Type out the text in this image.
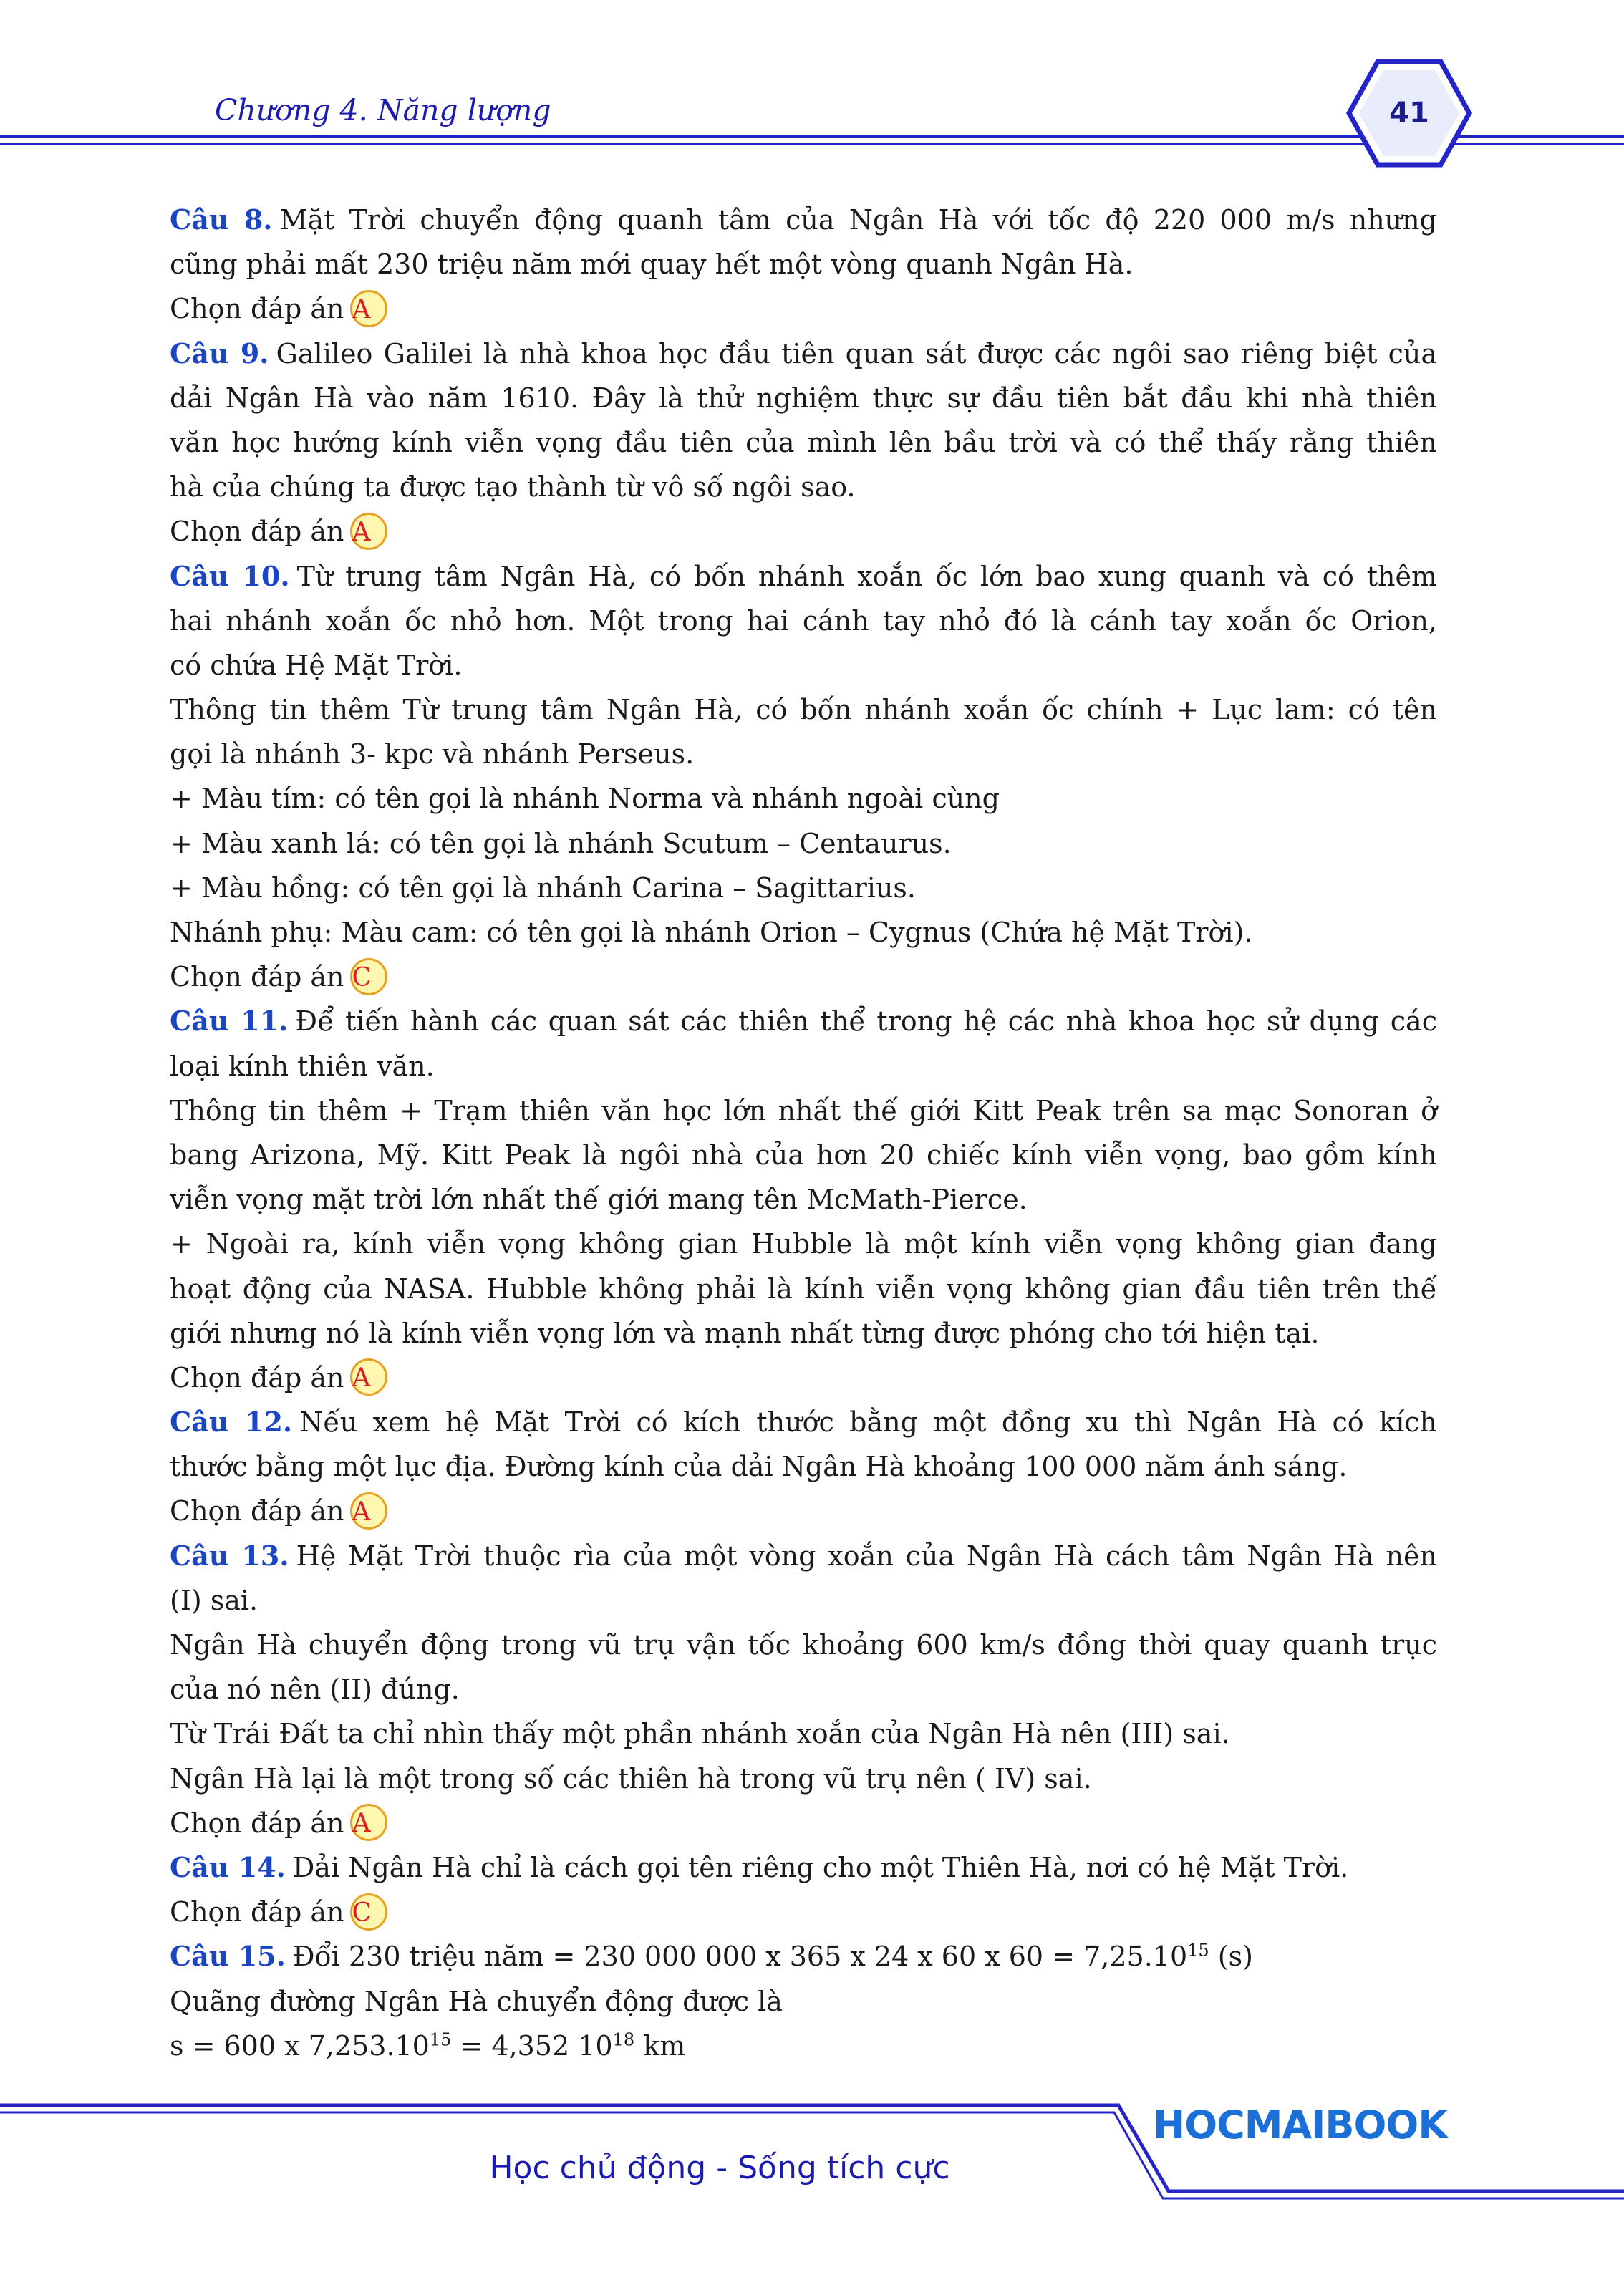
Chương 4. Năng lượng	41
Câu 8. Mặt Trời chuyển động quanh tâm của Ngân Hà với tốc độ 220 000 m/s nhưng
cũng phải mất 230 triệu năm mới quay hết một vòng quanh Ngân Hà.
Chọn đáp án A
Câu 9. Galileo Galilei là nhà khoa học đầu tiên quan sát được các ngôi sao riêng biệt của
dải Ngân Hà vào năm 1610. Đây là thử nghiệm thực sự đầu tiên bắt đầu khi nhà thiên
văn học hướng kính viễn vọng đầu tiên của mình lên bầu trời và có thể thấy rằng thiên
hà của chúng ta được tạo thành từ vô số ngôi sao.
Chọn đáp án A
Câu 10. Từ trung tâm Ngân Hà, có bốn nhánh xoắn ốc lớn bao xung quanh và có thêm
hai nhánh xoắn ốc nhỏ hơn. Một trong hai cánh tay nhỏ đó là cánh tay xoắn ốc Orion,
có chứa Hệ Mặt Trời.
Thông tin thêm Từ trung tâm Ngân Hà, có bốn nhánh xoắn ốc chính + Lục lam: có tên
gọi là nhánh 3- kpc và nhánh Perseus.
+ Màu tím: có tên gọi là nhánh Norma và nhánh ngoài cùng
+ Màu xanh lá: có tên gọi là nhánh Scutum – Centaurus.
+ Màu hồng: có tên gọi là nhánh Carina – Sagittarius.
Nhánh phụ: Màu cam: có tên gọi là nhánh Orion – Cygnus (Chứa hệ Mặt Trời).
Chọn đáp án C
Câu 11. Để tiến hành các quan sát các thiên thể trong hệ các nhà khoa học sử dụng các
loại kính thiên văn.
Thông tin thêm + Trạm thiên văn học lớn nhất thế giới Kitt Peak trên sa mạc Sonoran ở
bang Arizona, Mỹ. Kitt Peak là ngôi nhà của hơn 20 chiếc kính viễn vọng, bao gồm kính
viễn vọng mặt trời lớn nhất thế giới mang tên McMath-Pierce.
+ Ngoài ra, kính viễn vọng không gian Hubble là một kính viễn vọng không gian đang
hoạt động của NASA. Hubble không phải là kính viễn vọng không gian đầu tiên trên thế
giới nhưng nó là kính viễn vọng lớn và mạnh nhất từng được phóng cho tới hiện tại.
Chọn đáp án A
Câu 12. Nếu xem hệ Mặt Trời có kích thước bằng một đồng xu thì Ngân Hà có kích
thước bằng một lục địa. Đường kính của dải Ngân Hà khoảng 100 000 năm ánh sáng.
Chọn đáp án A
Câu 13. Hệ Mặt Trời thuộc rìa của một vòng xoắn của Ngân Hà cách tâm Ngân Hà nên
(I) sai.
Ngân Hà chuyển động trong vũ trụ vận tốc khoảng 600 km/s đồng thời quay quanh trục
của nó nên (II) đúng.
Từ Trái Đất ta chỉ nhìn thấy một phần nhánh xoắn của Ngân Hà nên (III) sai.
Ngân Hà lại là một trong số các thiên hà trong vũ trụ nên ( IV) sai.
Chọn đáp án A
Câu 14. Dải Ngân Hà chỉ là cách gọi tên riêng cho một Thiên Hà, nơi có hệ Mặt Trời.
Chọn đáp án C
Câu 15. Đổi 230 triệu năm = 230 000 000 x 365 x 24 x 60 x $60 = 7,25.10^{15}$ (s)
Quãng đường Ngân Hà chuyển động được là
s = 600 x $7,253.10^{15} = 4,352$ $10^{18}$ km
HOCMAIBOOK
Học chủ động - Sống tích cực
